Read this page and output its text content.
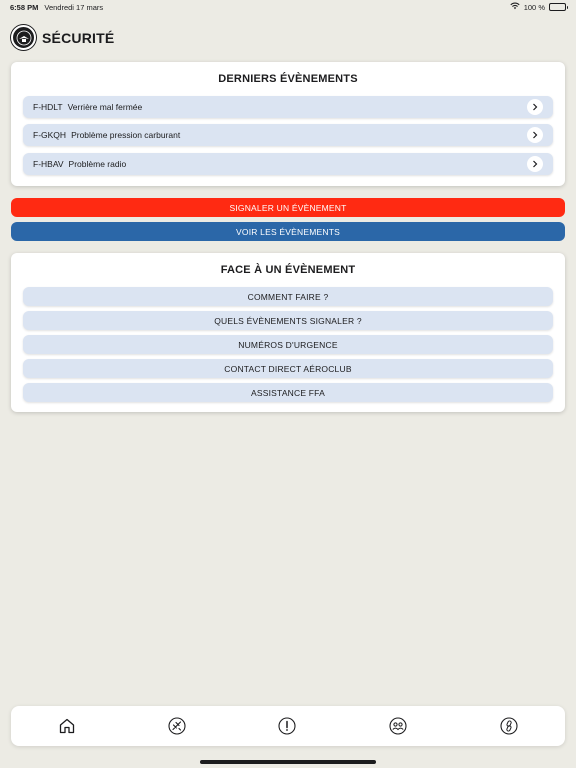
6:58 PM Vendredi 17 mars	100 %
SÉCURITÉ
DERNIERS ÉVÈNEMENTS
F-HDLT Verrière mal fermée
F-GKQH Problème pression carburant
F-HBAV Problème radio
SIGNALER UN ÉVÈNEMENT
VOIR LES ÉVÈNEMENTS
FACE À UN ÉVÈNEMENT
COMMENT FAIRE ?
QUELS ÉVÈNEMENTS SIGNALER ?
NUMÉROS D'URGENCE
CONTACT DIRECT AÉROCLUB
ASSISTANCE FFA
